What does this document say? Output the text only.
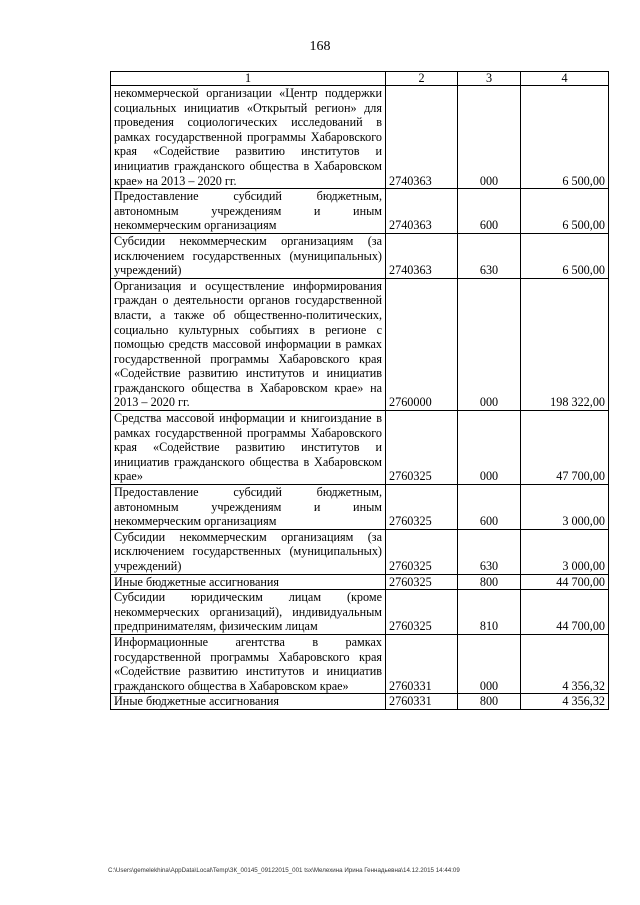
168
1	2	3	4
некоммерческой организации «Центр поддержки социальных инициатив «Открытый регион» для проведения социологических исследований в рамках государственной программы Хабаровского края «Содействие развитию институтов и инициатив гражданского общества в Хабаровском крае» на 2013 – 2020 гг.	2740363	000	6 500,00
Предоставление субсидий бюджетным, автономным учреждениям и иным некоммерческим организациям	2740363	600	6 500,00
Субсидии некоммерческим организациям (за исключением государственных (муниципальных) учреждений)	2740363	630	6 500,00
Организация и осуществление информирования граждан о деятельности органов государственной власти, а также об общественно-политических, социально культурных событиях в регионе с помощью средств массовой информации в рамках государственной программы Хабаровского края «Содействие развитию институтов и инициатив гражданского общества в Хабаровском крае» на 2013 – 2020 гг.	2760000	000	198 322,00
Средства массовой информации и книгоиздание в рамках государственной программы Хабаровского края «Содействие развитию институтов и инициатив гражданского общества в Хабаровском крае»	2760325	000	47 700,00
Предоставление субсидий бюджетным, автономным учреждениям и иным некоммерческим организациям	2760325	600	3 000,00
Субсидии некоммерческим организациям (за исключением государственных (муниципальных) учреждений)	2760325	630	3 000,00
Иные бюджетные ассигнования	2760325	800	44 700,00
Субсидии юридическим лицам (кроме некоммерческих организаций), индивидуальным предпринимателям, физическим лицам	2760325	810	44 700,00
Информационные агентства в рамках государственной программы Хабаровского края «Содействие развитию институтов и инициатив гражданского общества в Хабаровском крае»	2760331	000	4 356,32
Иные бюджетные ассигнования	2760331	800	4 356,32
C:\Users\gemelekhina\AppData\Local\Temp\ЗК_00145_09122015_001 tsx\Мелехина Ирина Геннадьевна\14.12.2015 14:44:09
